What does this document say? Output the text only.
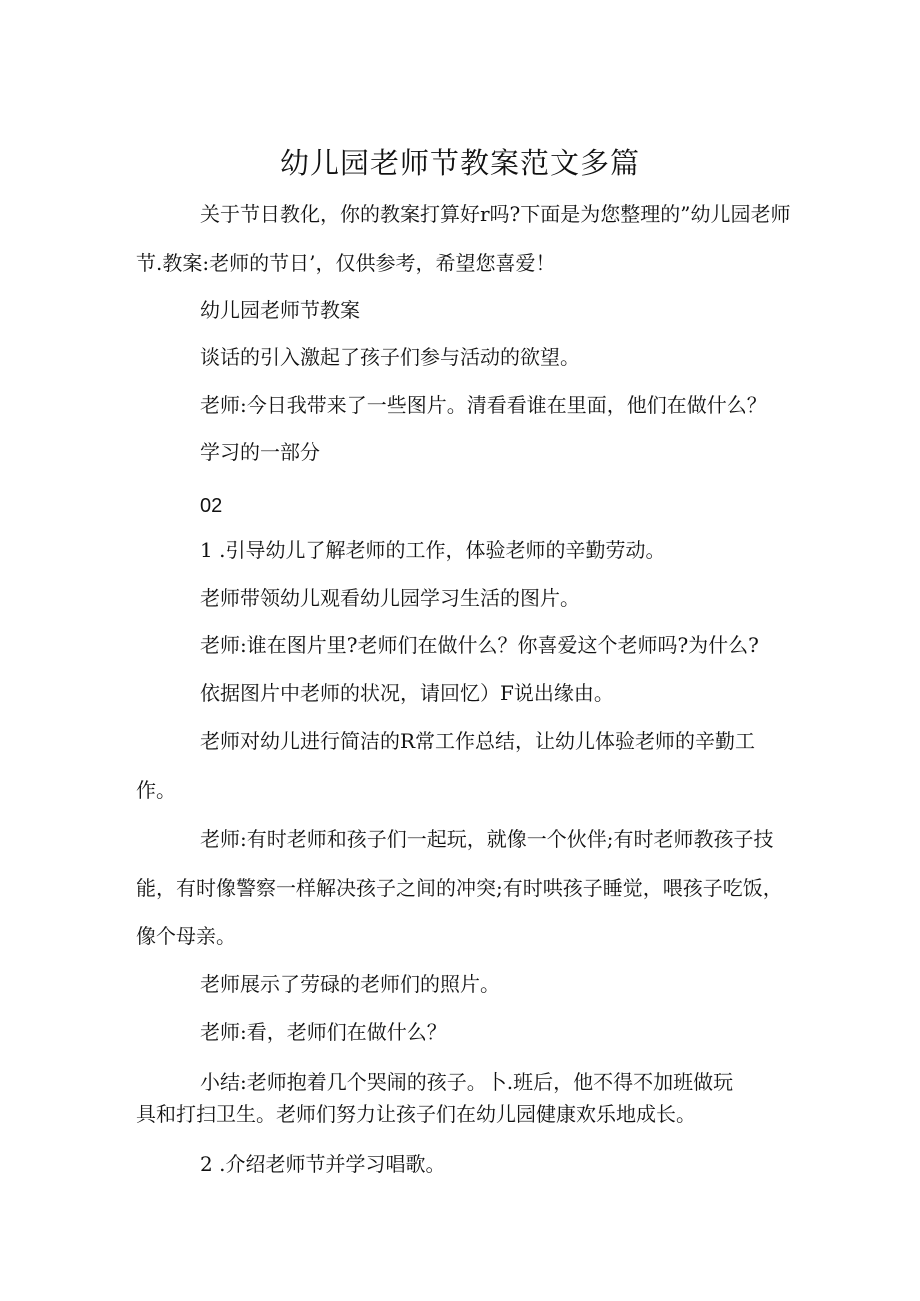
幼儿园老师节教案范文多篇
关于节日教化，你的教案打算好r吗?下面是为您整理的”幼儿园老师
节.教案:老师的节日’，仅供参考，希望您喜爱！
幼儿园老师节教案
谈话的引入激起了孩子们参与活动的欲望。
老师:今日我带来了一些图片。清看看谁在里面，他们在做什么？
学习的一部分
02
1 .引导幼儿了解老师的工作，体验老师的辛勤劳动。
老师带领幼儿观看幼儿园学习生活的图片。
老师:谁在图片里?老师们在做什么？你喜爱这个老师吗?为什么?
依据图片中老师的状况，请回忆）F说出缘由。
老师对幼儿进行简洁的R常工作总结，让幼儿体验老师的辛勤工
作。
老师:有时老师和孩子们一起玩，就像一个伙伴;有时老师教孩子技
能，有时像警察一样解决孩子之间的冲突;有时哄孩子睡觉，喂孩子吃饭，
像个母亲。
老师展示了劳碌的老师们的照片。
老师:看，老师们在做什么？
小结:老师抱着几个哭闹的孩子。卜.班后，他不得不加班做玩
具和打扫卫生。老师们努力让孩子们在幼儿园健康欢乐地成长。
2 .介绍老师节并学习唱歌。
